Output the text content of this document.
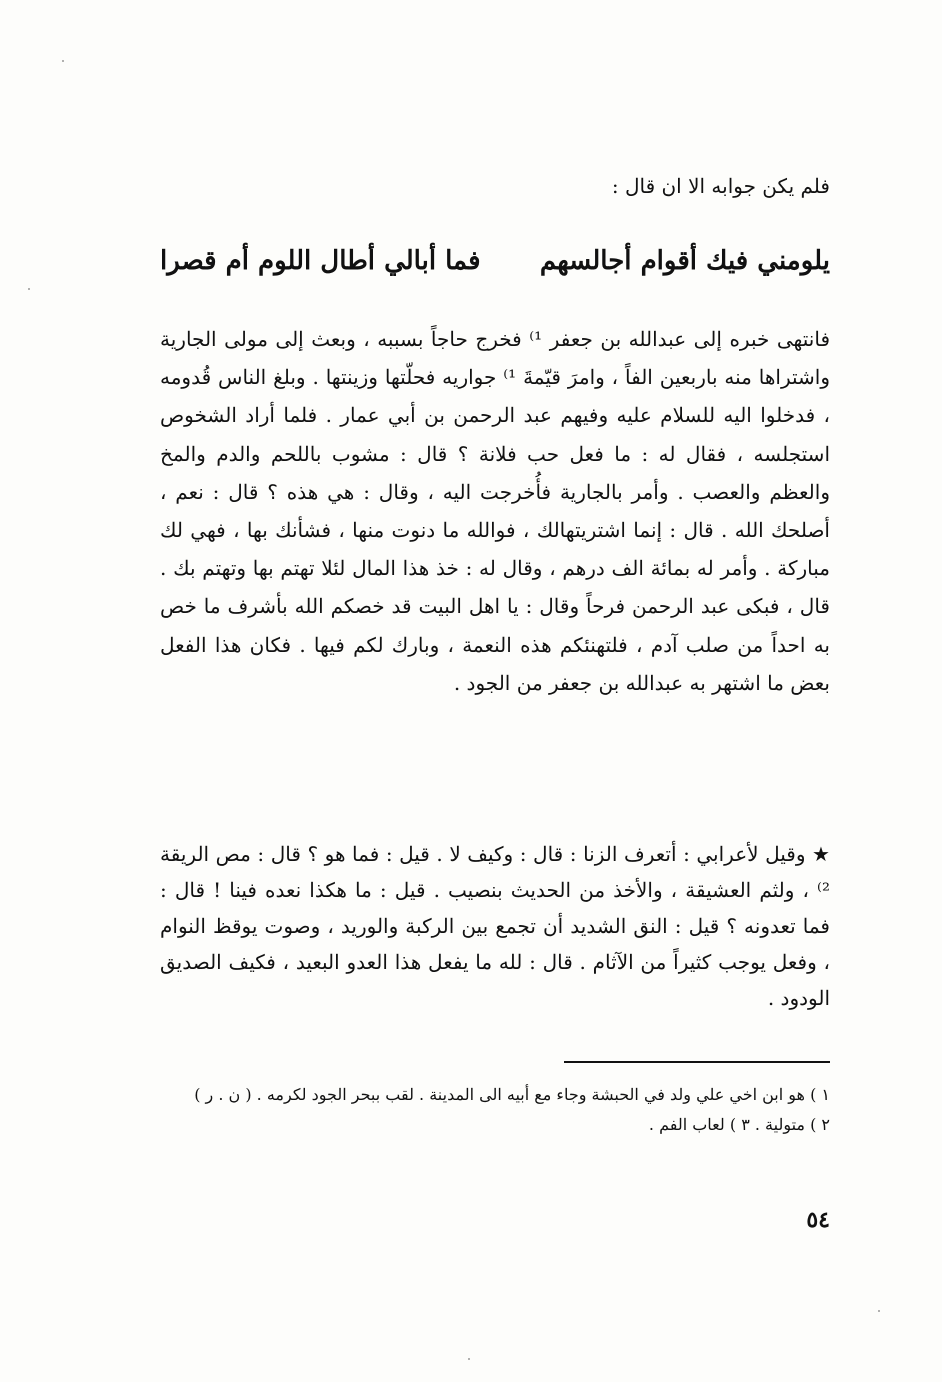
فلم يكن جوابه الا ان قال :
يلومني فيك أقوام أجالسهم
فما أبالي أطال اللوم أم قصرا

فانتهى خبره إلى عبدالله بن جعفر ¹⁾ فخرج حاجاً بسببه ، وبعث إلى مولى الجارية واشتراها منه باربعين الفاً ، وامرَ قيّمةَ ¹⁾ جواريه فحلّتها وزينتها . وبلغ الناس قُدومه ، فدخلوا اليه للسلام عليه وفيهم عبد الرحمن بن أبي عمار . فلما أراد الشخوص استجلسه ، فقال له : ما فعل حب فلانة ؟ قال : مشوب باللحم والدم والمخ والعظم والعصب . وأمر بالجارية فأُخرجت اليه ، وقال : هي هذه ؟ قال : نعم ، أصلحك الله . قال : إنما اشتريتهالك ، فوالله ما دنوت منها ، فشأنك بها ، فهي لك مباركة . وأمر له بمائة الف درهم ، وقال له : خذ هذا المال لئلا تهتم بها وتهتم بك . قال ، فبكى عبد الرحمن فرحاً وقال : يا اهل البيت قد خصكم الله بأشرف ما خص به احداً من صلب آدم ، فلتهنئكم هذه النعمة ، وبارك لكم فيها . فكان هذا الفعل بعض ما اشتهر به عبدالله بن جعفر من الجود .

★ وقيل لأعرابي : أتعرف الزنا : قال : وكيف لا . قيل : فما هو ؟ قال : مص الريقة ²⁾ ، ولثم العشيقة ، والأخذ من الحديث بنصيب . قيل : ما هكذا نعده فينا ! قال : فما تعدونه ؟ قيل : النق الشديد أن تجمع بين الركبة والوريد ، وصوت يوقظ النوام ، وفعل يوجب كثيراً من الآثام . قال : لله ما يفعل هذا العدو البعيد ، فكيف الصديق الودود .

١ ) هو ابن اخي علي ولد في الحبشة وجاء مع أبيه الى المدينة . لقب ببحر الجود لكرمه . ( ن . ر )

٢ ) متولية . ٣ ) لعاب الفم .

٥٤
